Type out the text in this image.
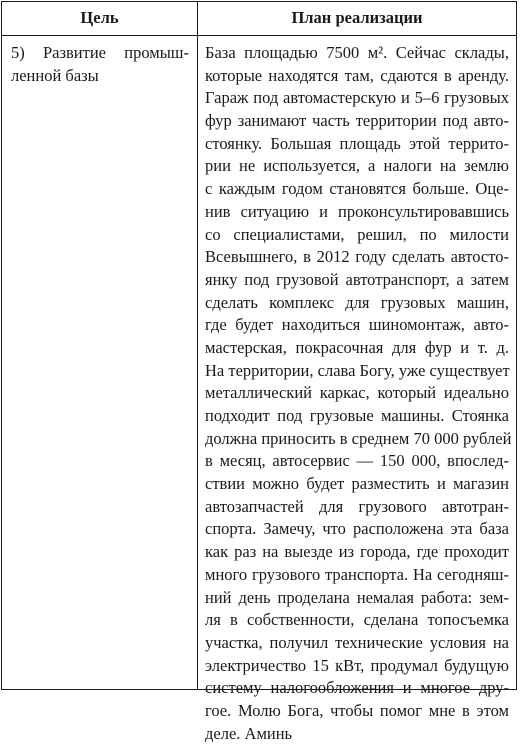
Цель	План реализации
5) Развитие промыш-
ленной базы
База площадью 7500 м². Сейчас склады,
которые находятся там, сдаются в аренду.
Гараж под автомастерскую и 5–6 грузовых
фур занимают часть территории под авто-
стоянку. Большая площадь этой террито-
рии не используется, а налоги на землю
с каждым годом становятся больше. Оце-
нив ситуацию и проконсультировавшись
со специалистами, решил, по милости
Всевышнего, в 2012 году сделать автосто-
янку под грузовой автотранспорт, а затем
сделать комплекс для грузовых машин,
где будет находиться шиномонтаж, авто-
мастерская, покрасочная для фур и т. д.
На территории, слава Богу, уже существует
металлический каркас, который идеально
подходит под грузовые машины. Стоянка
должна приносить в среднем 70 000 рублей
в месяц, автосервис — 150 000, впослед-
ствии можно будет разместить и магазин
автозапчастей для грузового автотран-
спорта. Замечу, что расположена эта база
как раз на выезде из города, где проходит
много грузового транспорта. На сегодняш-
ний день проделана немалая работа: зем-
ля в собственности, сделана топосъемка
участка, получил технические условия на
электричество 15 кВт, продумал будущую
систему налогообложения и многое дру-
гое. Молю Бога, чтобы помог мне в этом
деле. Аминь
